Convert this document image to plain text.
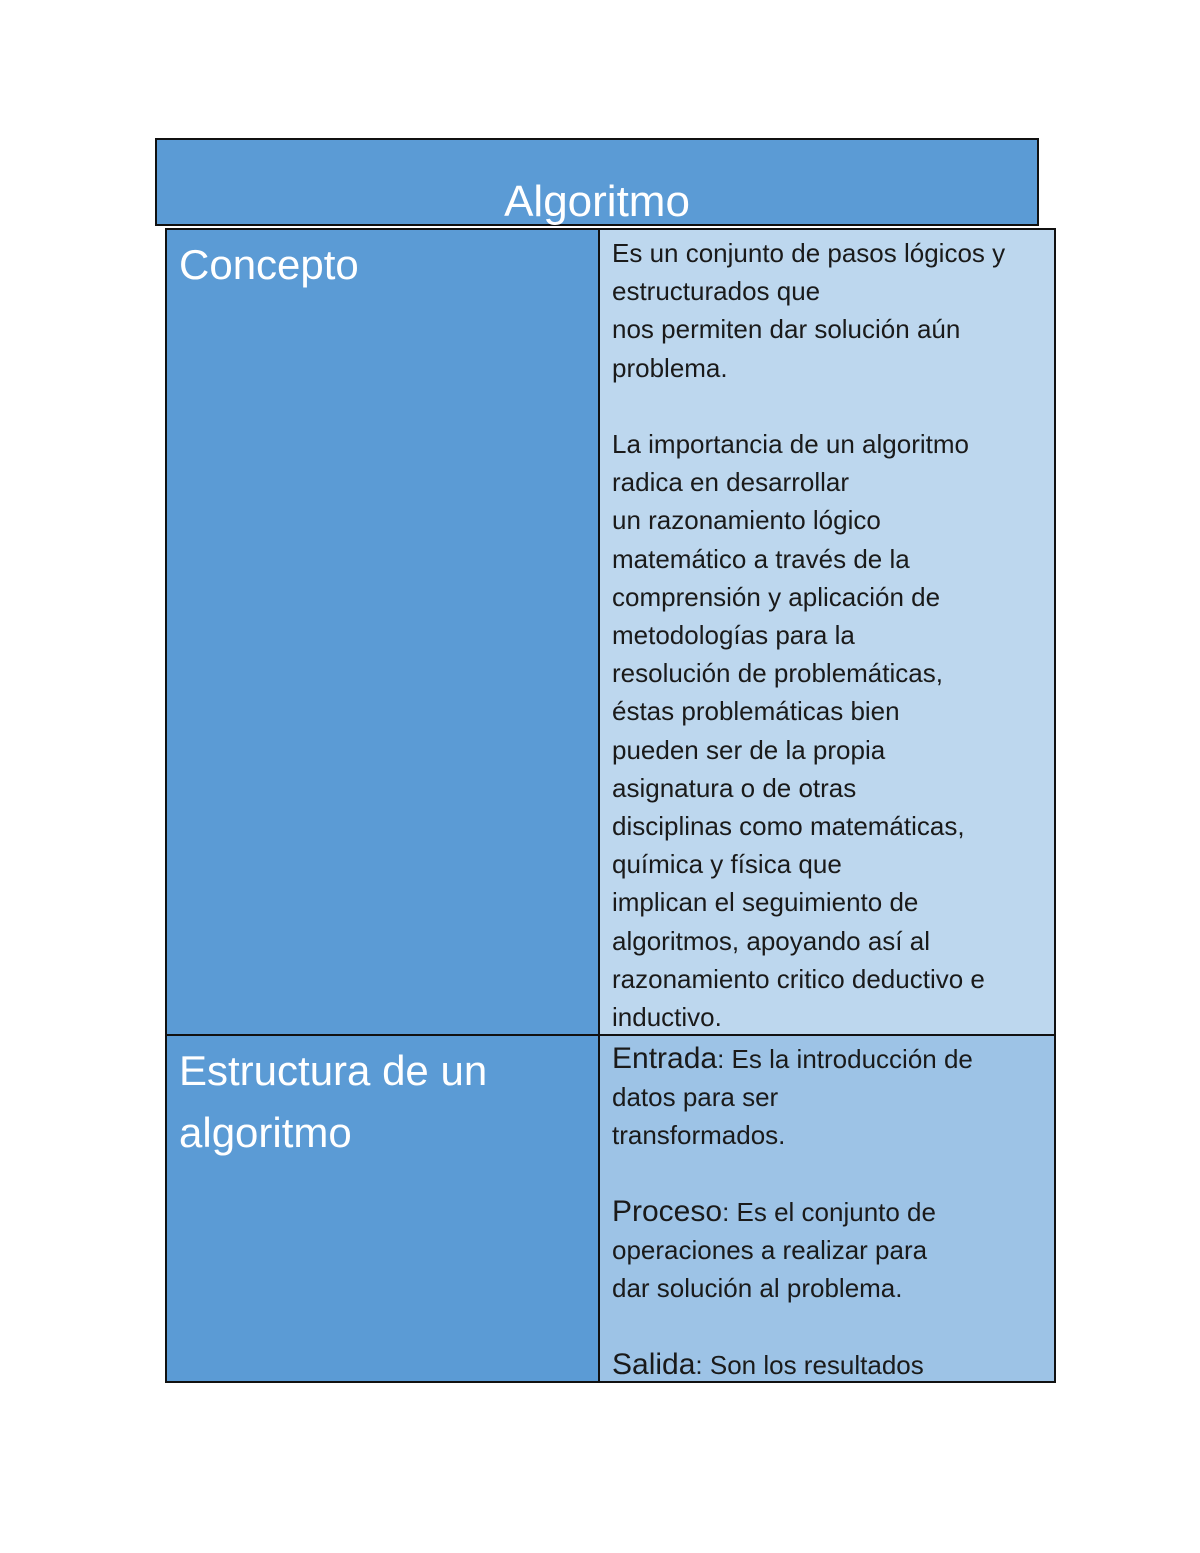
Algoritmo
Concepto	Es un conjunto de pasos lógicos y
estructurados que
nos permiten dar solución aún
problema.
La importancia de un algoritmo
radica en desarrollar
un razonamiento lógico
matemático a través de la
comprensión y aplicación de
metodologías para la
resolución de problemáticas,
éstas problemáticas bien
pueden ser de la propia
asignatura o de otras
disciplinas como matemáticas,
química y física que
implican el seguimiento de
algoritmos, apoyando así al
razonamiento critico deductivo e
inductivo.
Estructura de un
algoritmo
Entrada: Es la introducción de
datos para ser
transformados.
Proceso: Es el conjunto de
operaciones a realizar para
dar solución al problema.
Salida: Son los resultados
